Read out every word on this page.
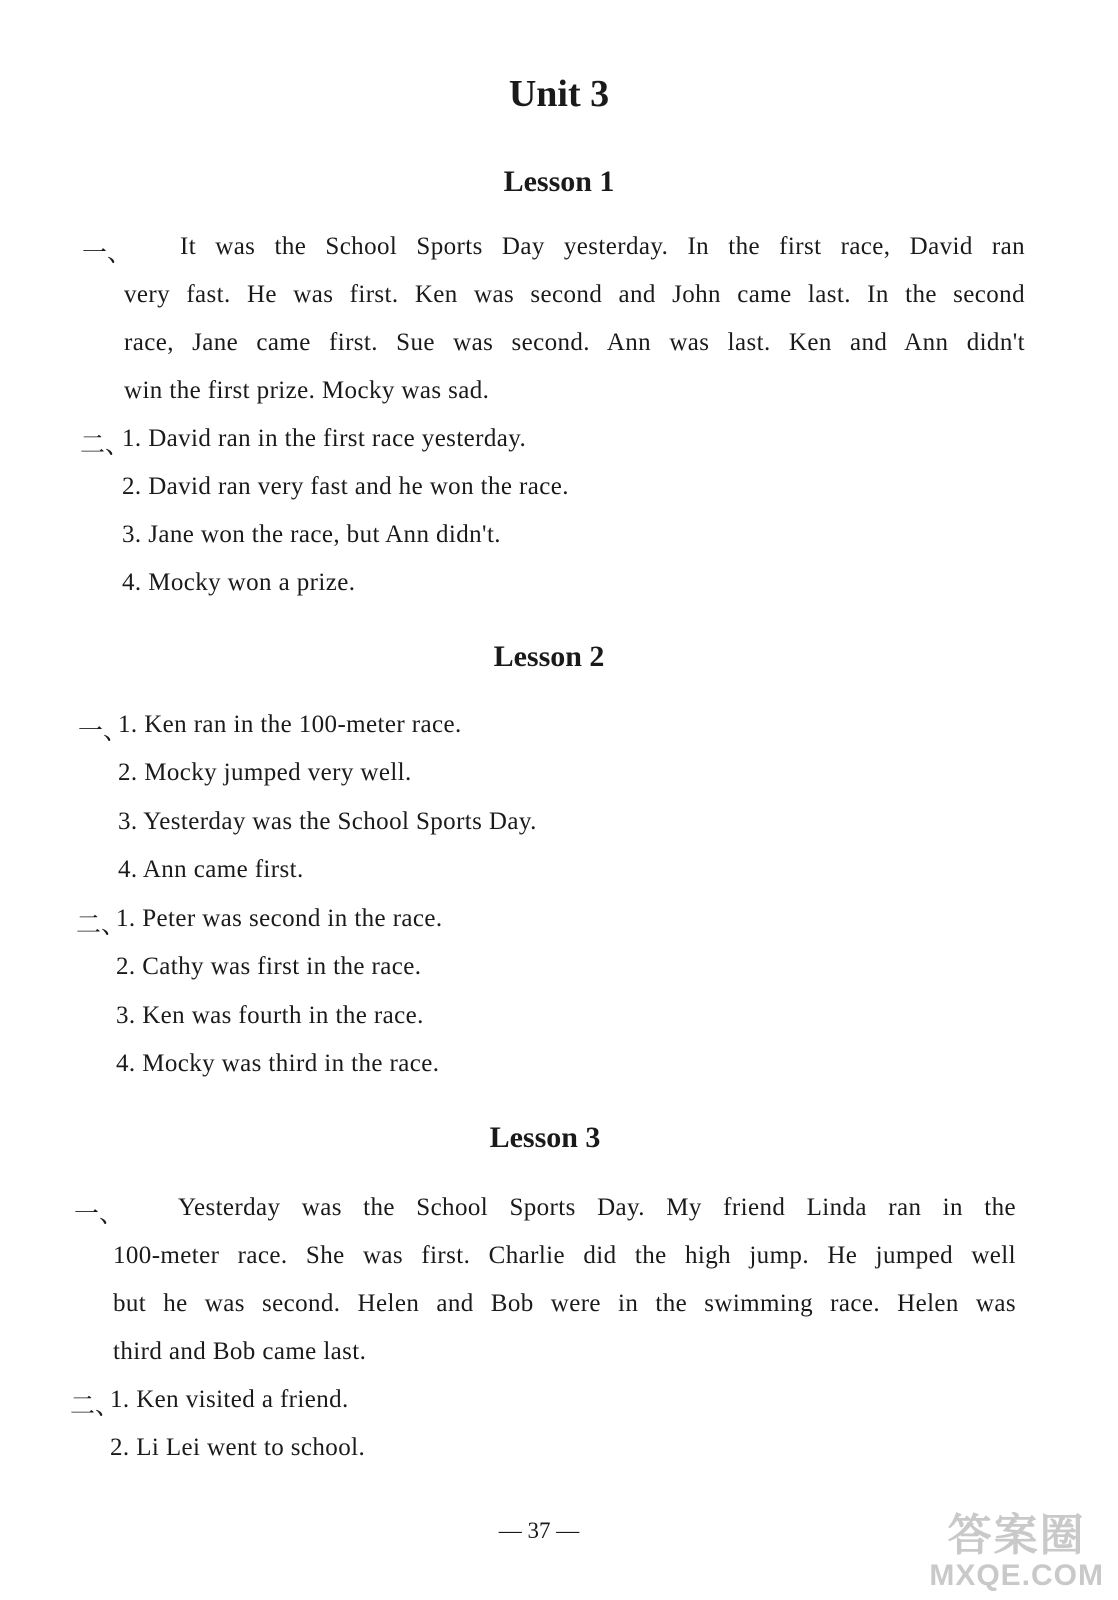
Unit 3
Lesson 1
一、 It was the School Sports Day yesterday. In the first race, David ran

very fast. He was first. Ken was second and John came last. In the second

race, Jane came first. Sue was second. Ann was last. Ken and Ann didn't

win the first prize. Mocky was sad.

二、

1. David ran in the first race yesterday.

2. David ran very fast and he won the race.

3. Jane won the race, but Ann didn't.

4. Mocky won a prize.

Lesson 2
一、

1. Ken ran in the 100-meter race.

2. Mocky jumped very well.

3. Yesterday was the School Sports Day.

4. Ann came first.

二、

1. Peter was second in the race.

2. Cathy was first in the race.

3. Ken was fourth in the race.

4. Mocky was third in the race.

Lesson 3
一、 Yesterday was the School Sports Day. My friend Linda ran in the

100-meter race. She was first. Charlie did the high jump. He jumped well

but he was second. Helen and Bob were in the swimming race. Helen was

third and Bob came last.

二、

1. Ken visited a friend.

2. Li Lei went to school.

— 37 —	答案圈
MXQE.COM
